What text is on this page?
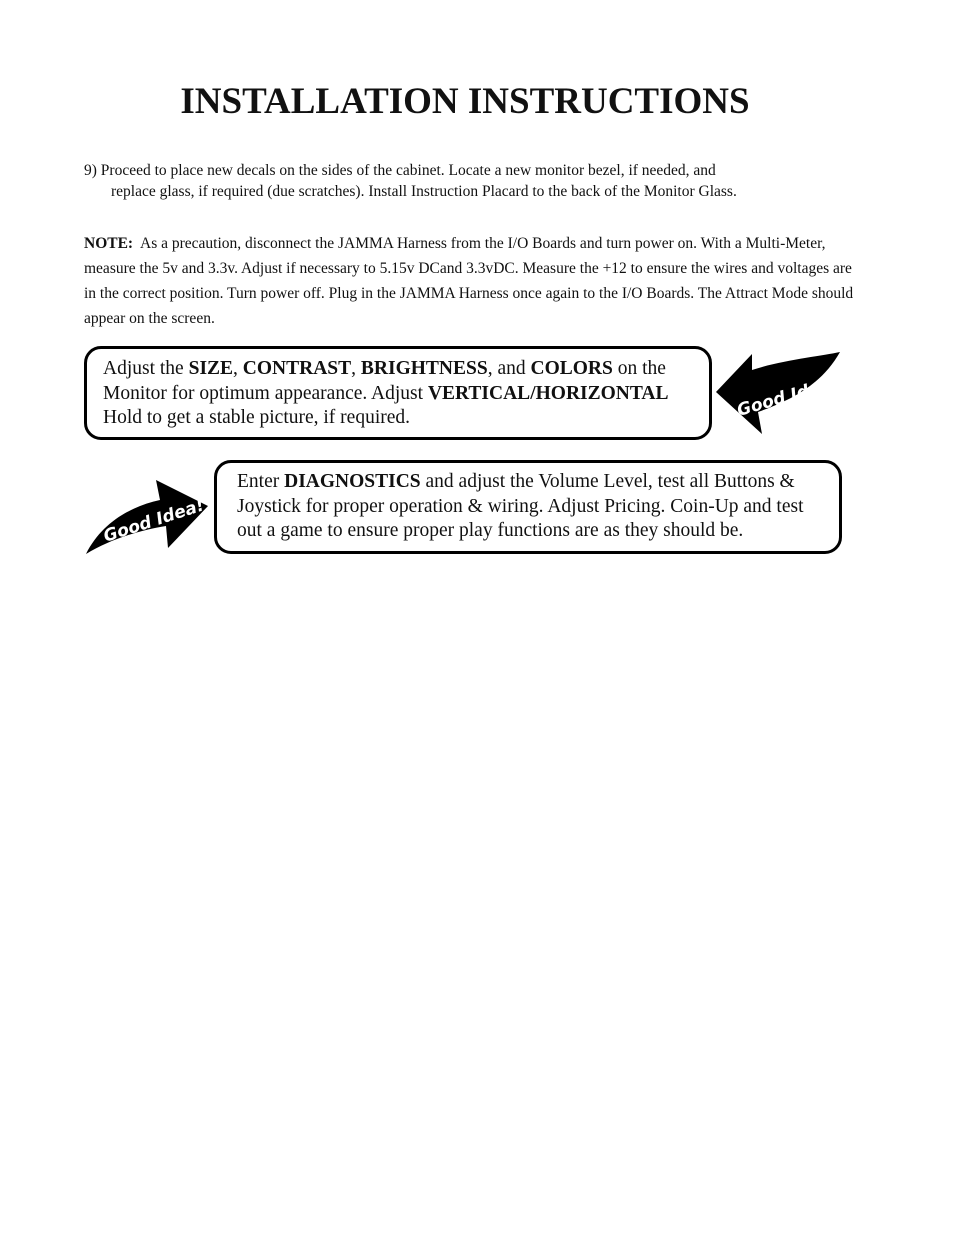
INSTALLATION INSTRUCTIONS
9) Proceed to place new decals on the sides of the cabinet. Locate a new monitor bezel, if needed, and
replace glass, if required (due scratches). Install Instruction Placard to the back of the Monitor Glass.
NOTE: As a precaution, disconnect the JAMMA Harness from the I/O Boards and turn power on. With a Multi-Meter, measure the 5v and 3.3v. Adjust if necessary to 5.15v DCand 3.3vDC. Measure the +12 to ensure the wires and voltages are in the correct position. Turn power off. Plug in the JAMMA Harness once again to the I/O Boards. The Attract Mode should appear on the screen.
Adjust the SIZE, CONTRAST, BRIGHTNESS, and COLORS on the Monitor for optimum appearance. Adjust VERTICAL/HORIZONTAL Hold to get a stable picture, if required.	Good Idea!
Good Idea!
Enter DIAGNOSTICS and adjust the Volume Level, test all Buttons & Joystick for proper operation & wiring. Adjust Pricing. Coin-Up and test out a game to ensure proper play functions are as they should be.
